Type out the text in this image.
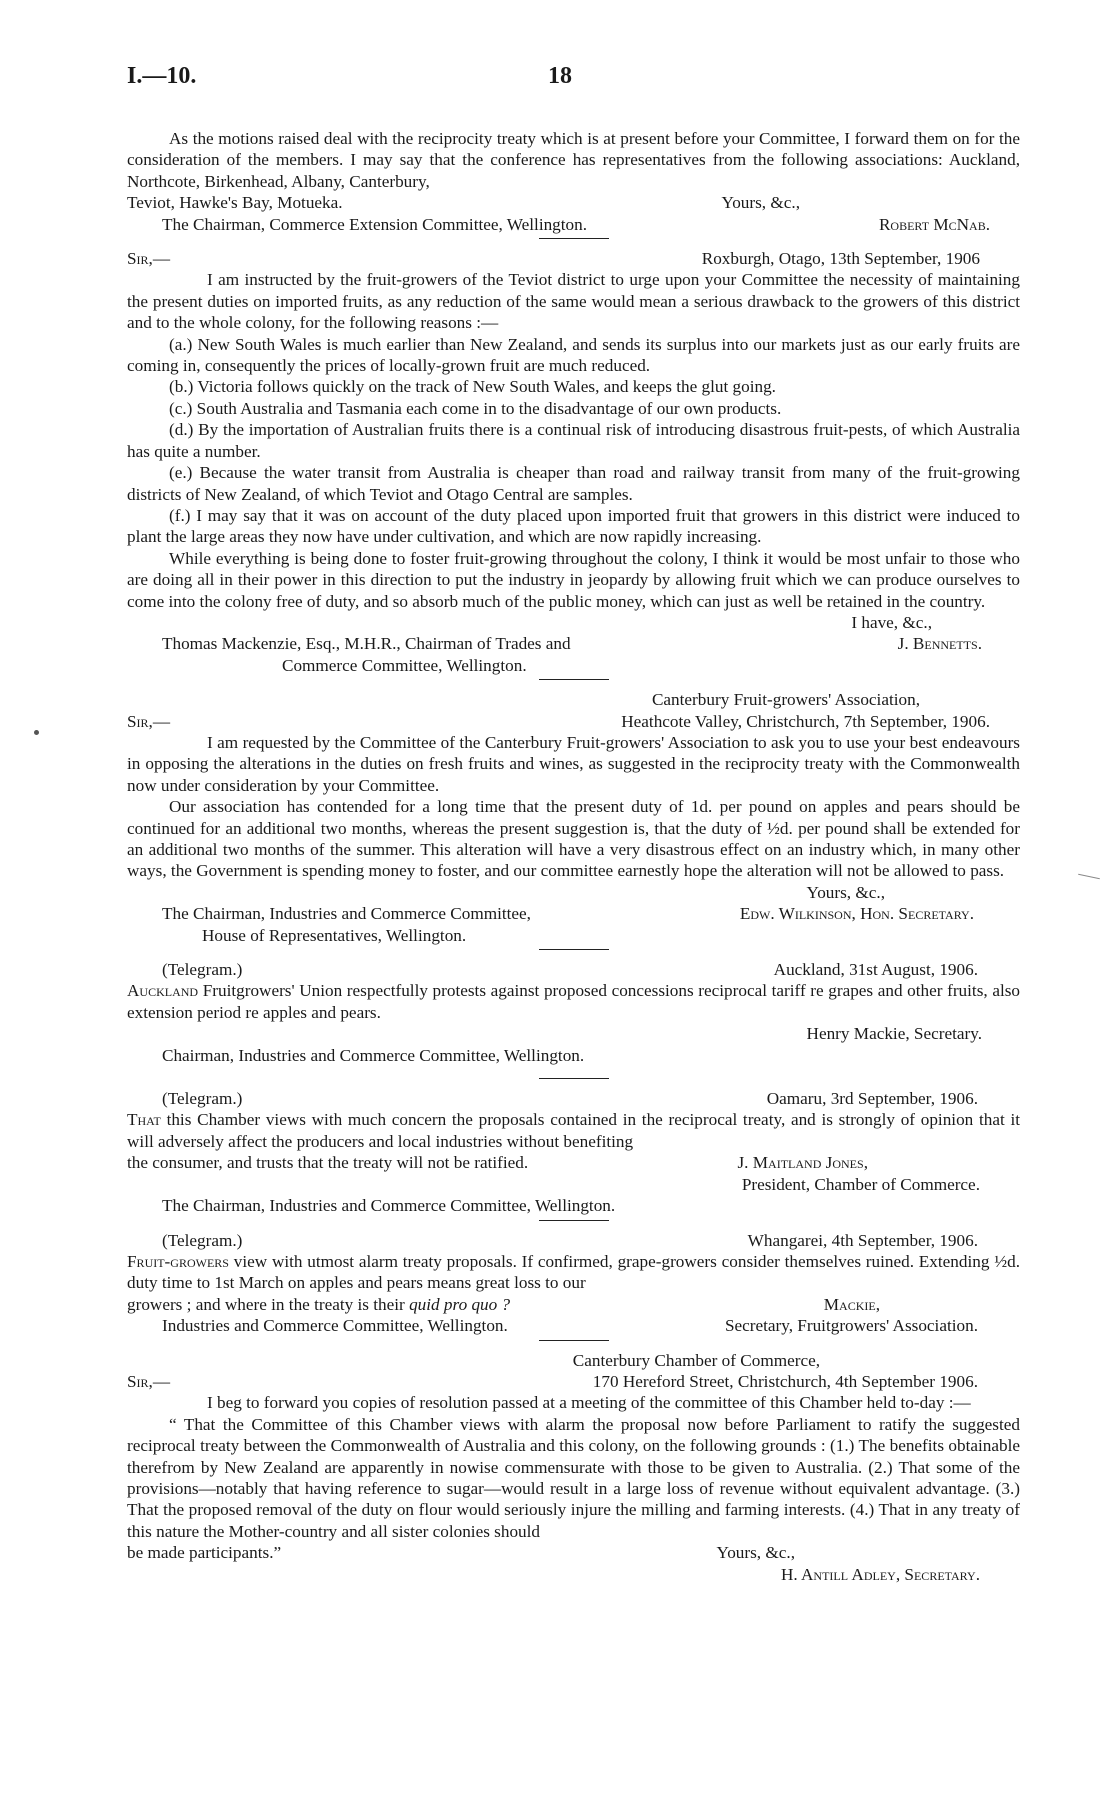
I.—10.	18

As the motions raised deal with the reciprocity treaty which is at present before your Committee, I forward them on for the consideration of the members. I may say that the conference has representatives from the following associations: Auckland, Northcote, Birkenhead, Albany, Canterbury,

Teviot, Hawke's Bay, Motueka.	Yours, &c.,
The Chairman, Commerce Extension Committee, Wellington.	Robert McNab.
Sir,—	Roxburgh, Otago, 13th September, 1906

I am instructed by the fruit-growers of the Teviot district to urge upon your Committee the necessity of maintaining the present duties on imported fruits, as any reduction of the same would mean a serious drawback to the growers of this district and to the whole colony, for the following reasons :—

(a.) New South Wales is much earlier than New Zealand, and sends its surplus into our markets just as our early fruits are coming in, consequently the prices of locally-grown fruit are much reduced.

(b.) Victoria follows quickly on the track of New South Wales, and keeps the glut going.

(c.) South Australia and Tasmania each come in to the disadvantage of our own products.

(d.) By the importation of Australian fruits there is a continual risk of introducing disastrous fruit-pests, of which Australia has quite a number.

(e.) Because the water transit from Australia is cheaper than road and railway transit from many of the fruit-growing districts of New Zealand, of which Teviot and Otago Central are samples.

(f.) I may say that it was on account of the duty placed upon imported fruit that growers in this district were induced to plant the large areas they now have under cultivation, and which are now rapidly increasing.

While everything is being done to foster fruit-growing throughout the colony, I think it would be most unfair to those who are doing all in their power in this direction to put the industry in jeopardy by allowing fruit which we can produce ourselves to come into the colony free of duty, and so absorb much of the public money, which can just as well be retained in the country.

I have, &c.,
Thomas Mackenzie, Esq., M.H.R., Chairman of Trades and	J. Bennetts.
Commerce Committee, Wellington.
Canterbury Fruit-growers' Association,
Sir,—	Heathcote Valley, Christchurch, 7th September, 1906.

I am requested by the Committee of the Canterbury Fruit-growers' Association to ask you to use your best endeavours in opposing the alterations in the duties on fresh fruits and wines, as suggested in the reciprocity treaty with the Commonwealth now under consideration by your Committee.

Our association has contended for a long time that the present duty of 1d. per pound on apples and pears should be continued for an additional two months, whereas the present suggestion is, that the duty of ½d. per pound shall be extended for an additional two months of the summer. This alteration will have a very disastrous effect on an industry which, in many other ways, the Government is spending money to foster, and our committee earnestly hope the alteration will not be allowed to pass.

Yours, &c.,
The Chairman, Industries and Commerce Committee,	Edw. Wilkinson, Hon. Secretary.
House of Representatives, Wellington.
(Telegram.)	Auckland, 31st August, 1906.

Auckland Fruitgrowers' Union respectfully protests against proposed concessions reciprocal tariff re grapes and other fruits, also extension period re apples and pears.

Henry Mackie, Secretary.
Chairman, Industries and Commerce Committee, Wellington.
(Telegram.)	Oamaru, 3rd September, 1906.

That this Chamber views with much concern the proposals contained in the reciprocal treaty, and is strongly of opinion that it will adversely affect the producers and local industries without benefiting

the consumer, and trusts that the treaty will not be ratified.	J. Maitland Jones,
President, Chamber of Commerce.
The Chairman, Industries and Commerce Committee, Wellington.
(Telegram.)	Whangarei, 4th September, 1906.

Fruit-growers view with utmost alarm treaty proposals. If confirmed, grape-growers consider themselves ruined. Extending ½d. duty time to 1st March on apples and pears means great loss to our

growers ; and where in the treaty is their quid pro quo ?	Mackie,
Industries and Commerce Committee, Wellington.	Secretary, Fruitgrowers' Association.
Canterbury Chamber of Commerce,
Sir,—	170 Hereford Street, Christchurch, 4th September 1906.

I beg to forward you copies of resolution passed at a meeting of the committee of this Chamber held to-day :—

“ That the Committee of this Chamber views with alarm the proposal now before Parliament to ratify the suggested reciprocal treaty between the Commonwealth of Australia and this colony, on the following grounds : (1.) The benefits obtainable therefrom by New Zealand are apparently in nowise commensurate with those to be given to Australia. (2.) That some of the provisions—notably that having reference to sugar—would result in a large loss of revenue without equivalent advantage. (3.) That the proposed removal of the duty on flour would seriously injure the milling and farming interests. (4.) That in any treaty of this nature the Mother-country and all sister colonies should

be made participants.”	Yours, &c.,
H. Antill Adley, Secretary.
